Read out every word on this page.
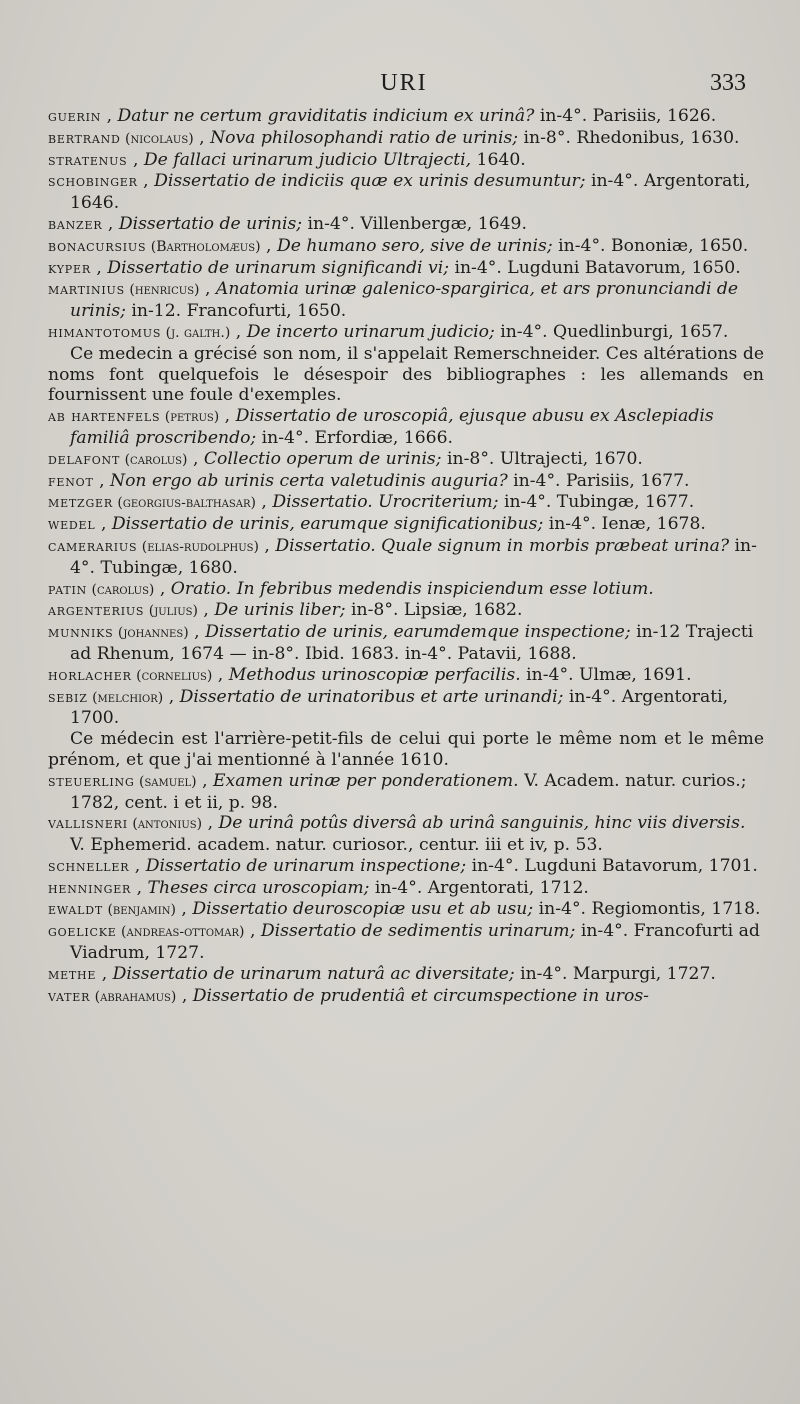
URI	333

guerin , Datur ne certum graviditatis indicium ex urinâ? in-4°. Parisiis, 1626.

bertrand (nicolaus) , Nova philosophandi ratio de urinis; in-8°. Rhedonibus, 1630.

stratenus , De fallaci urinarum judicio Ultrajecti, 1640.

schobinger , Dissertatio de indiciis quæ ex urinis desumuntur; in-4°. Argentorati, 1646.

banzer , Dissertatio de urinis; in-4°. Villenbergæ, 1649.

bonacursius (Bartholomæus) , De humano sero, sive de urinis; in-4°. Bononiæ, 1650.

kyper , Dissertatio de urinarum significandi vi; in-4°. Lugduni Batavorum, 1650.

martinius (henricus) , Anatomia urinæ galenico-spargirica, et ars pronunciandi de urinis; in-12. Francofurti, 1650.

himantotomus (j. galth.) , De incerto urinarum judicio; in-4°. Quedlinburgi, 1657.

Ce medecin a grécisé son nom, il s'appelait Remerschneider. Ces altérations de noms font quelquefois le désespoir des bibliographes : les allemands en fournissent une foule d'exemples.

ab hartenfels (petrus) , Dissertatio de uroscopiâ, ejusque abusu ex Asclepiadis familiâ proscribendo; in-4°. Erfordiæ, 1666.

delafont (carolus) , Collectio operum de urinis; in-8°. Ultrajecti, 1670.

fenot , Non ergo ab urinis certa valetudinis auguria? in-4°. Parisiis, 1677.

metzger (georgius-balthasar) , Dissertatio. Urocriterium; in-4°. Tubingæ, 1677.

wedel , Dissertatio de urinis, earumque significationibus; in-4°. Ienæ, 1678.

camerarius (elias-rudolphus) , Dissertatio. Quale signum in morbis præbeat urina? in-4°. Tubingæ, 1680.

patin (carolus) , Oratio. In febribus medendis inspiciendum esse lotium.

argenterius (julius) , De urinis liber; in-8°. Lipsiæ, 1682.

munniks (johannes) , Dissertatio de urinis, earumdemque inspectione; in-12 Trajecti ad Rhenum, 1674 — in-8°. Ibid. 1683. in-4°. Patavii, 1688.

horlacher (cornelius) , Methodus urinoscopiæ perfacilis. in-4°. Ulmæ, 1691.

sebiz (melchior) , Dissertatio de urinatoribus et arte urinandi; in-4°. Argentorati, 1700.

Ce médecin est l'arrière-petit-fils de celui qui porte le même nom et le même prénom, et que j'ai mentionné à l'année 1610.

steuerling (samuel) , Examen urinæ per ponderationem. V. Academ. natur. curios.; 1782, cent. i et ii, p. 98.

vallisneri (antonius) , De urinâ potûs diversâ ab urinâ sanguinis, hinc viis diversis. V. Ephemerid. academ. natur. curiosor., centur. iii et iv, p. 53.

schneller , Dissertatio de urinarum inspectione; in-4°. Lugduni Batavorum, 1701.

henninger , Theses circa uroscopiam; in-4°. Argentorati, 1712.

ewaldt (benjamin) , Dissertatio deuroscopiæ usu et ab usu; in-4°. Regiomontis, 1718.

goelicke (andreas-ottomar) , Dissertatio de sedimentis urinarum; in-4°. Francofurti ad Viadrum, 1727.

methe , Dissertatio de urinarum naturâ ac diversitate; in-4°. Marpurgi, 1727.

vater (abrahamus) , Dissertatio de prudentiâ et circumspectione in uros-
